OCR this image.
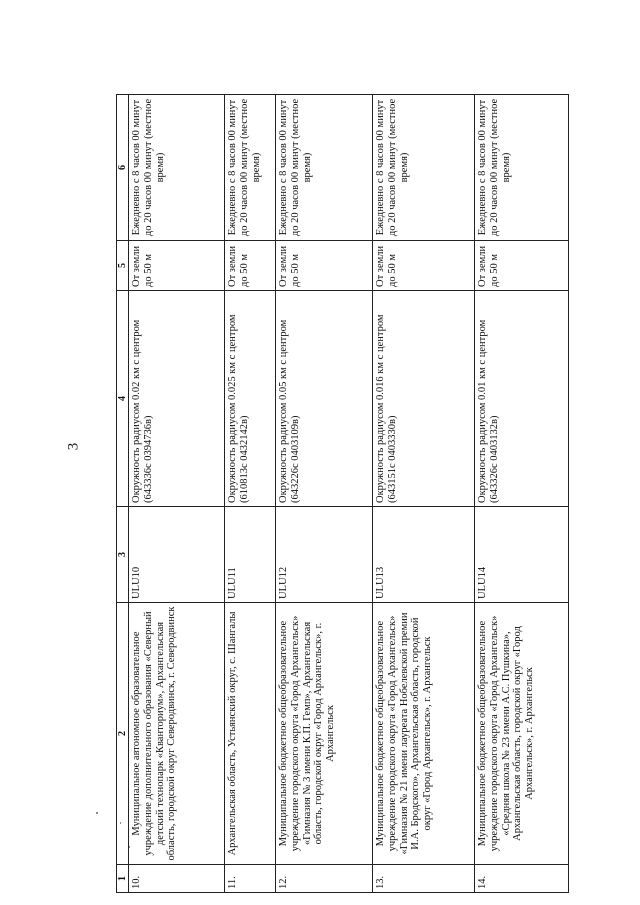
3
1	2	3	4	5	6
10.	Муниципальное автономное образовательное учреждение дополнительного образования «Северный детский технопарк «Кванториум», Архангельская область, городской округ Северодвинск, г. Северодвинск	ULU10	Окружность радиусом 0.02 км с центром (643336с 0394736в)	От земли до 50 м	Ежедневно с 8 часов 00 минут до 20 часов 00 минут (местное время)
11.	Архангельская область, Устьянский округ, с. Шангалы	ULU11	Окружность радиусом 0.025 км с центром (610813с 0432142в)	От земли до 50 м	Ежедневно с 8 часов 00 минут до 20 часов 00 минут (местное время)
12.	Муниципальное бюджетное общеобразовательное учреждение городского округа «Город Архангельск» «Гимназия № 3 имени К.П. Гемп», Архангельская область, городской округ «Город Архангельск», г. Архангельск	ULU12	Окружность радиусом 0.05 км с центром (643226с 0403109в)	От земли до 50 м	Ежедневно с 8 часов 00 минут до 20 часов 00 минут (местное время)
13.	Муниципальное бюджетное общеобразовательное учреждение городского округа «Город Архангельск» «Гимназия № 21 имени лауреата Нобелевской премии И.А. Бродского», Архангельская область, городской округ «Город Архангельск», г. Архангельск	ULU13	Окружность радиусом 0.016 км с центром (643151с 0403330в)	От земли до 50 м	Ежедневно с 8 часов 00 минут до 20 часов 00 минут (местное время)
14.	Муниципальное бюджетное общеобразовательное учреждение городского округа «Город Архангельск» «Средняя школа № 23 имени А.С. Пушкина», Архангельская область, городской округ «Город Архангельск», г. Архангельск	ULU14	Окружность радиусом 0.01 км с центром (643326с 0403132в)	От земли до 50 м	Ежедневно с 8 часов 00 минут до 20 часов 00 минут (местное время)
